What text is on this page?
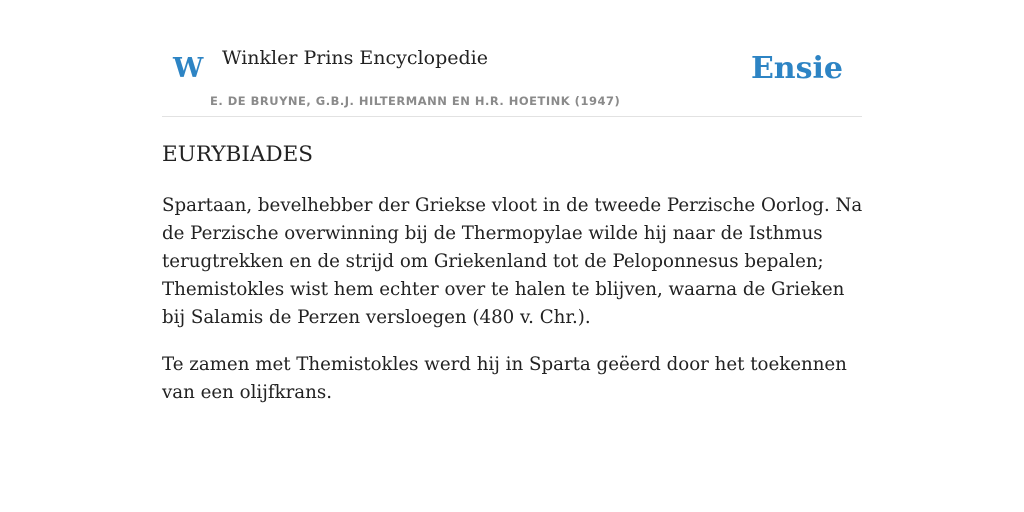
W Winkler Prins Encyclopedie
E. DE BRUYNE, G.B.J. HILTERMANN EN H.R. HOETINK (1947)
Ensie
EURYBIADES

Spartaan, bevelhebber der Griekse vloot in de tweede Perzische Oorlog. Na de Perzische overwinning bij de Thermopylae wilde hij naar de Isthmus terugtrekken en de strijd om Griekenland tot de Peloponnesus bepalen; Themistokles wist hem echter over te halen te blijven, waarna de Grieken bij Salamis de Perzen versloegen (480 v. Chr.).

Te zamen met Themistokles werd hij in Sparta geëerd door het toekennen van een olijfkrans.
